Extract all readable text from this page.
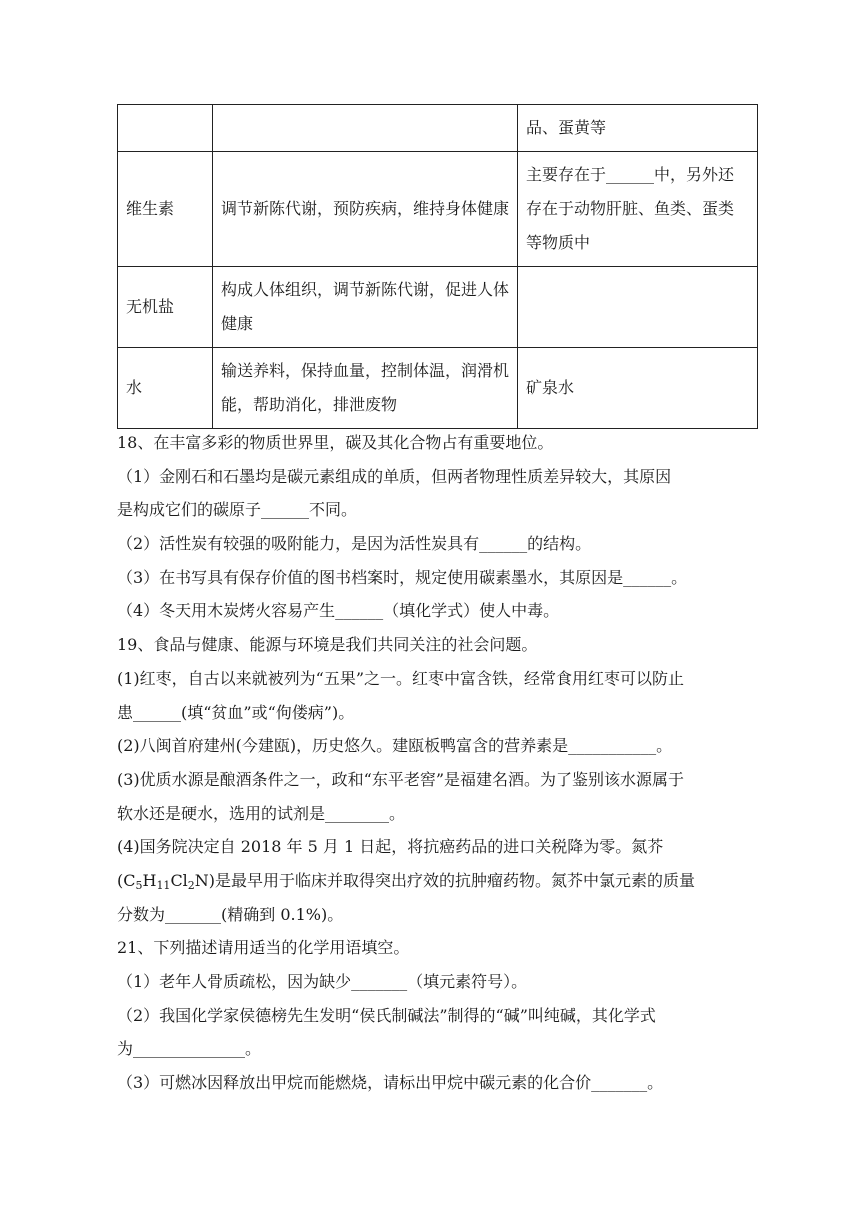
		品、蛋黄等
维生素	调节新陈代谢，预防疾病，维持身体健康	主要存在于______中，另外还存在于动物肝脏、鱼类、蛋类等物质中
无机盐	构成人体组织，调节新陈代谢，促进人体健康	
水	输送养料，保持血量，控制体温，润滑机能，帮助消化，排泄废物	矿泉水
18、在丰富多彩的物质世界里，碳及其化合物占有重要地位。
（1）金刚石和石墨均是碳元素组成的单质，但两者物理性质差异较大，其原因
是构成它们的碳原子______不同。
（2）活性炭有较强的吸附能力，是因为活性炭具有______的结构。
（3）在书写具有保存价值的图书档案时，规定使用碳素墨水，其原因是______。
（4）冬天用木炭烤火容易产生______（填化学式）使人中毒。
19、食品与健康、能源与环境是我们共同关注的社会问题。
(1)红枣，自古以来就被列为“五果”之一。红枣中富含铁，经常食用红枣可以防止
患______(填“贫血”或“佝偻病”)。
(2)八闽首府建州(今建瓯)，历史悠久。建瓯板鸭富含的营养素是___________。
(3)优质水源是酿酒条件之一，政和“东平老窖”是福建名酒。为了鉴别该水源属于
软水还是硬水，选用的试剂是________。
(4)国务院决定自 2018 年 5 月 1 日起，将抗癌药品的进口关税降为零。氮芥
$(C_5H_{11}Cl_2N)$是最早用于临床并取得突出疗效的抗肿瘤药物。氮芥中氯元素的质量
分数为_______(精确到 0.1%)。
21、下列描述请用适当的化学用语填空。
（1）老年人骨质疏松，因为缺少_______（填元素符号）。
（2）我国化学家侯德榜先生发明“侯氏制碱法”制得的“碱”叫纯碱，其化学式
为______________。
（3）可燃冰因释放出甲烷而能燃烧，请标出甲烷中碳元素的化合价_______。
